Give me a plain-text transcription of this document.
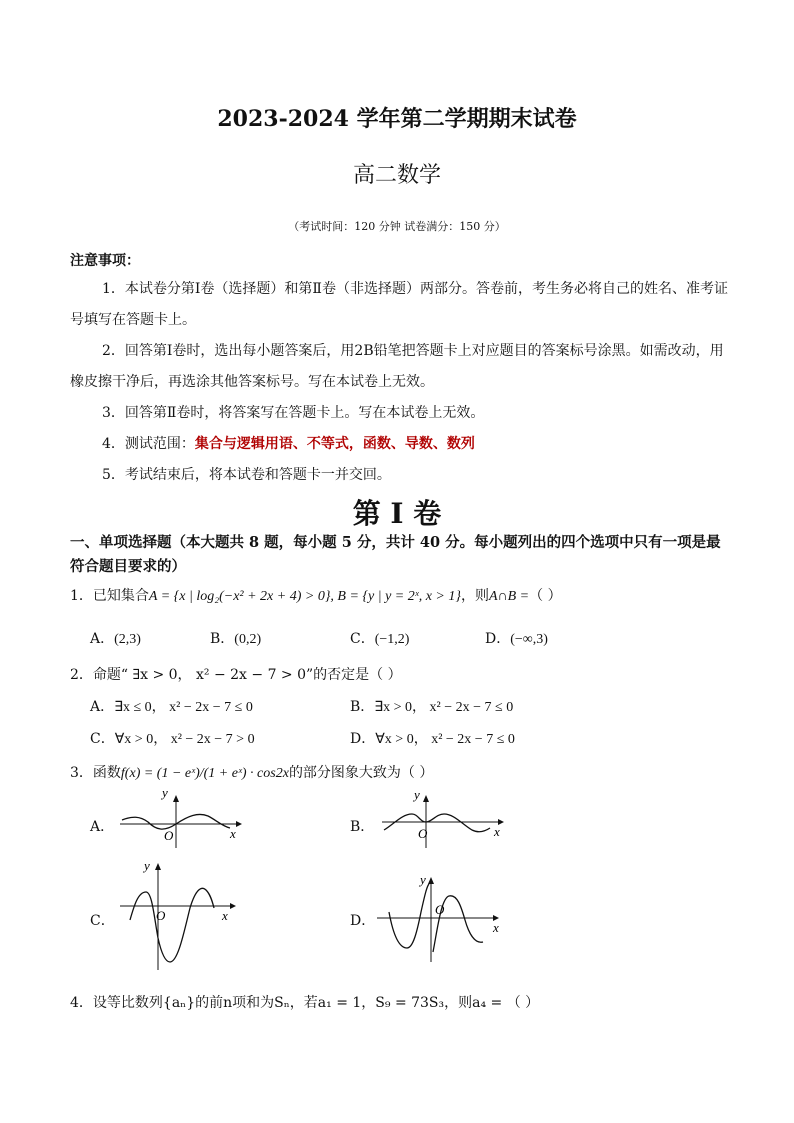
2023-2024 学年第二学期期末试卷
高二数学
（考试时间：120 分钟 试卷满分：150 分）
注意事项：

1．本试卷分第Ⅰ卷（选择题）和第Ⅱ卷（非选择题）两部分。答卷前，考生务必将自己的姓名、准考证号填写在答题卡上。

2．回答第Ⅰ卷时，选出每小题答案后，用2B铅笔把答题卡上对应题目的答案标号涂黑。如需改动，用橡皮擦干净后，再选涂其他答案标号。写在本试卷上无效。

3．回答第Ⅱ卷时，将答案写在答题卡上。写在本试卷上无效。

4．测试范围：集合与逻辑用语、不等式，函数、导数、数列

5．考试结束后，将本试卷和答题卡一并交回。

第 I 卷
一、单项选择题（本大题共 8 题，每小题 5 分，共计 40 分。每小题列出的四个选项中只有一项是最符合题目要求的）
1．已知集合A = {x | log₂(−x² + 2x + 4) > 0}, B = {y | y = 2ˣ, x > 1}，则A∩B =（ ）
A．(2,3)	B．(0,2)	C．(−1,2)	D．(−∞,3)
2．命题“ ∃x > 0， x² − 2x − 7 > 0”的否定是（ ）
A．∃x ≤ 0， x² − 2x − 7 ≤ 0	B．∃x > 0， x² − 2x − 7 ≤ 0
C．∀x > 0， x² − 2x − 7 > 0	D．∀x > 0， x² − 2x − 7 ≤ 0
3．函数f(x) = (1 − eˣ)/(1 + eˣ) · cos2x的部分图象大致为（ ）
A．
y
O	x	B．
y
O	x
C．
y
O	x	D．
y
O
x
4．设等比数列{aₙ}的前n项和为Sₙ，若a₁ = 1，S₉ = 73S₃，则a₄ = （ ）
